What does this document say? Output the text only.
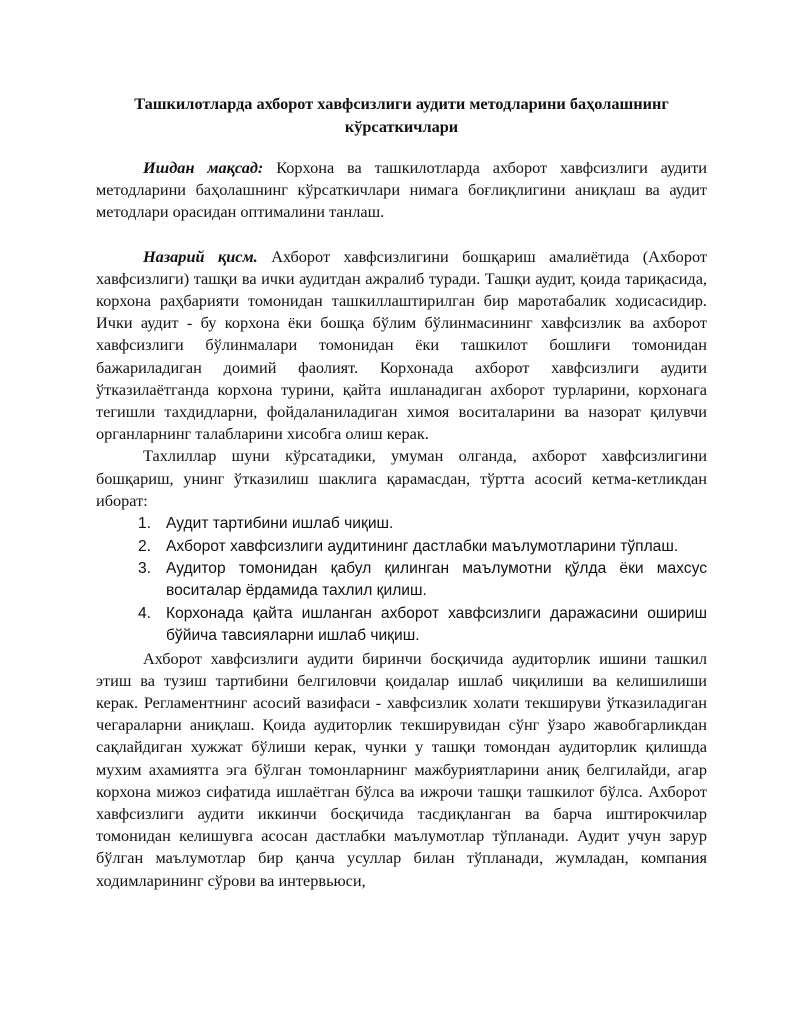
Ташкилотларда ахборот хавфсизлиги аудити методларини баҳолашнинг кўрсаткичлари

Ишдан мақсад: Корхона ва ташкилотларда ахборот хавфсизлиги аудити методларини баҳолашнинг кўрсаткичлари нимага боғлиқлигини аниқлаш ва аудит методлари орасидан оптималини танлаш.

Назарий қисм. Ахборот хавфсизлигини бошқариш амалиётида (Ахборот хавфсизлиги) ташқи ва ички аудитдан ажралиб туради. Ташқи аудит, қоида тариқасида, корхона раҳбарияти томонидан ташкиллаштирилган бир маротабалик ходисасидир. Ички аудит - бу корхона ёки бошқа бўлим бўлинмасининг хавфсизлик ва ахборот хавфсизлиги бўлинмалари томонидан ёки ташкилот бошлиғи томонидан бажариладиган доимий фаолият. Корхонада ахборот хавфсизлиги аудити ўтказилаётганда корхона турини, қайта ишланадиган ахборот турларини, корхонага тегишли тахдидларни, фойдаланиладиган химоя воситаларини ва назорат қилувчи органларнинг талабларини хисобга олиш керак.

Тахлиллар шуни кўрсатадики, умуман олганда, ахборот хавфсизлигини бошқариш, унинг ўтказилиш шаклига қарамасдан, тўртта асосий кетма-кетликдан иборат:

1. Аудит тартибини ишлаб чиқиш.
2. Ахборот хавфсизлиги аудитининг дастлабки маълумотларини тўплаш.
3. Аудитор томонидан қабул қилинган маълумотни қўлда ёки махсус воситалар ёрдамида тахлил қилиш.
4. Корхонада қайта ишланган ахборот хавфсизлиги даражасини ошириш бўйича тавсияларни ишлаб чиқиш.

Ахборот хавфсизлиги аудити биринчи босқичида аудиторлик ишини ташкил этиш ва тузиш тартибини белгиловчи қоидалар ишлаб чиқилиши ва келишилиши керак. Регламентнинг асосий вазифаси - хавфсизлик холати текшируви ўтказиладиган чегараларни аниқлаш. Қоида аудиторлик текширувидан сўнг ўзаро жавобгарликдан сақлайдиган хужжат бўлиши керак, чунки у ташқи томондан аудиторлик қилишда мухим ахамиятга эга бўлган томонларнинг мажбуриятларини аниқ белгилайди, агар корхона мижоз сифатида ишлаётган бўлса ва ижрочи ташқи ташкилот бўлса. Ахборот хавфсизлиги аудити иккинчи босқичида тасдиқланган ва барча иштирокчилар томонидан келишувга асосан дастлабки маълумотлар тўпланади. Аудит учун зарур бўлган маълумотлар бир қанча усуллар билан тўпланади, жумладан, компания ходимларининг сўрови ва интервьюси,
